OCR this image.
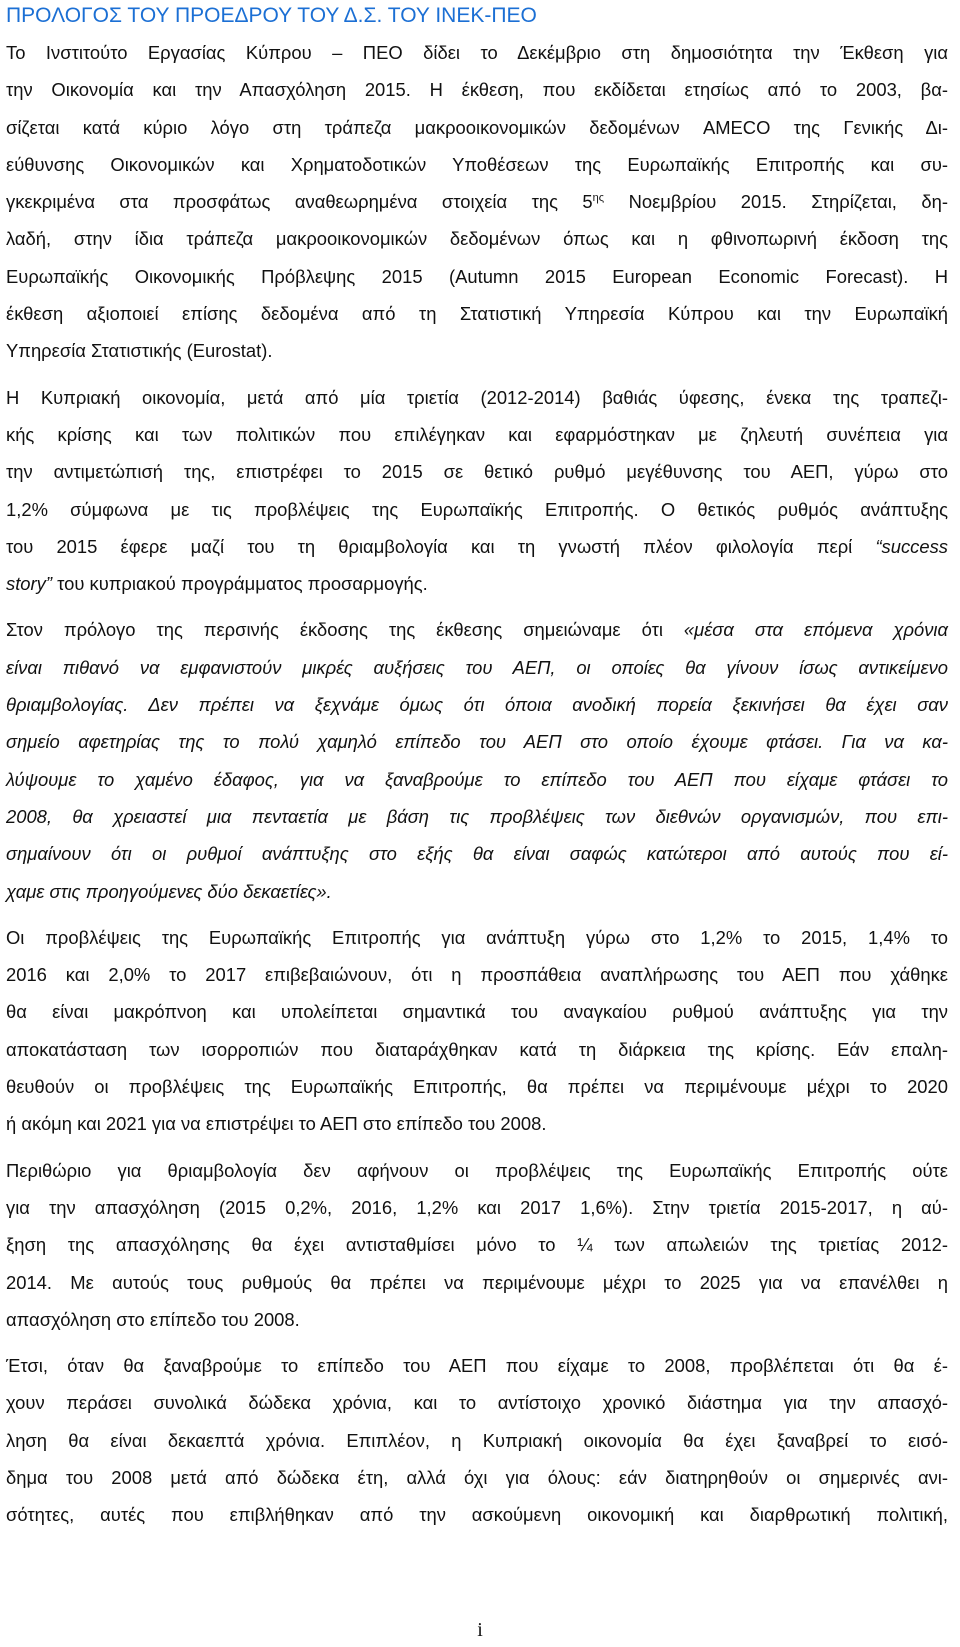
ΠΡΟΛΟΓΟΣ ΤΟΥ ΠΡΟΕΔΡΟΥ ΤΟΥ Δ.Σ. ΤΟΥ ΙΝΕΚ-ΠΕΟ

Το Ινστιτούτο Εργασίας Κύπρου – ΠΕΟ δίδει το Δεκέμβριο στη δημοσιότητα την Έκθεση για
την Οικονομία και την Απασχόληση 2015. Η έκθεση, που εκδίδεται ετησίως από το 2003, βα-
σίζεται κατά κύριο λόγο στη τράπεζα μακροοικονομικών δεδομένων AMECO της Γενικής Δι-
εύθυνσης Οικονομικών και Χρηματοδοτικών Υποθέσεων της Ευρωπαϊκής Επιτροπής και συ-
γκεκριμένα στα προσφάτως αναθεωρημένα στοιχεία της $5^{\eta\varsigma}$ Νοεμβρίου 2015. Στηρίζεται, δη-
λαδή, στην ίδια τράπεζα μακροοικονομικών δεδομένων όπως και η φθινοπωρινή έκδοση της
Ευρωπαϊκής Οικονομικής Πρόβλεψης 2015 (Autumn 2015 European Economic Forecast). Η
έκθεση αξιοποιεί επίσης δεδομένα από τη Στατιστική Υπηρεσία Κύπρου και την Ευρωπαϊκή
Υπηρεσία Στατιστικής (Eurostat).

Η Κυπριακή οικονομία, μετά από μία τριετία (2012-2014) βαθιάς ύφεσης, ένεκα της τραπεζι-
κής κρίσης και των πολιτικών που επιλέγηκαν και εφαρμόστηκαν με ζηλευτή συνέπεια για
την αντιμετώπισή της, επιστρέφει το 2015 σε θετικό ρυθμό μεγέθυνσης του ΑΕΠ, γύρω στο
1,2% σύμφωνα με τις προβλέψεις της Ευρωπαϊκής Επιτροπής. Ο θετικός ρυθμός ανάπτυξης
του 2015 έφερε μαζί του τη θριαμβολογία και τη γνωστή πλέον φιλολογία περί “success
story” του κυπριακού προγράμματος προσαρμογής.

Στον πρόλογο της περσινής έκδοσης της έκθεσης σημειώναμε ότι «μέσα στα επόμενα χρόνια
είναι πιθανό να εμφανιστούν μικρές αυξήσεις του ΑΕΠ, οι οποίες θα γίνουν ίσως αντικείμενο
θριαμβολογίας. Δεν πρέπει να ξεχνάμε όμως ότι όποια ανοδική πορεία ξεκινήσει θα έχει σαν
σημείο αφετηρίας της το πολύ χαμηλό επίπεδο του ΑΕΠ στο οποίο έχουμε φτάσει. Για να κα-
λύψουμε το χαμένο έδαφος, για να ξαναβρούμε το επίπεδο του ΑΕΠ που είχαμε φτάσει το
2008, θα χρειαστεί μια πενταετία με βάση τις προβλέψεις των διεθνών οργανισμών, που επι-
σημαίνουν ότι οι ρυθμοί ανάπτυξης στο εξής θα είναι σαφώς κατώτεροι από αυτούς που εί-
χαμε στις προηγούμενες δύο δεκαετίες».

Οι προβλέψεις της Ευρωπαϊκής Επιτροπής για ανάπτυξη γύρω στο 1,2% το 2015, 1,4% το
2016 και 2,0% το 2017 επιβεβαιώνουν, ότι η προσπάθεια αναπλήρωσης του ΑΕΠ που χάθηκε
θα είναι μακρόπνοη και υπολείπεται σημαντικά του αναγκαίου ρυθμού ανάπτυξης για την
αποκατάσταση των ισορροπιών που διαταράχθηκαν κατά τη διάρκεια της κρίσης. Εάν επαλη-
θευθούν οι προβλέψεις της Ευρωπαϊκής Επιτροπής, θα πρέπει να περιμένουμε μέχρι το 2020
ή ακόμη και 2021 για να επιστρέψει το ΑΕΠ στο επίπεδο του 2008.

Περιθώριο για θριαμβολογία δεν αφήνουν οι προβλέψεις της Ευρωπαϊκής Επιτροπής ούτε
για την απασχόληση (2015 0,2%, 2016, 1,2% και 2017 1,6%). Στην τριετία 2015-2017, η αύ-
ξηση της απασχόλησης θα έχει αντισταθμίσει μόνο το ¼ των απωλειών της τριετίας 2012-
2014. Με αυτούς τους ρυθμούς θα πρέπει να περιμένουμε μέχρι το 2025 για να επανέλθει η
απασχόληση στο επίπεδο του 2008.

Έτσι, όταν θα ξαναβρούμε το επίπεδο του ΑΕΠ που είχαμε το 2008, προβλέπεται ότι θα έ-
χουν περάσει συνολικά δώδεκα χρόνια, και το αντίστοιχο χρονικό διάστημα για την απασχό-
ληση θα είναι δεκαεπτά χρόνια. Επιπλέον, η Κυπριακή οικονομία θα έχει ξαναβρεί το εισό-
δημα του 2008 μετά από δώδεκα έτη, αλλά όχι για όλους: εάν διατηρηθούν οι σημερινές ανι-
σότητες, αυτές που επιβλήθηκαν από την ασκούμενη οικονομική και διαρθρωτική πολιτική,

i
